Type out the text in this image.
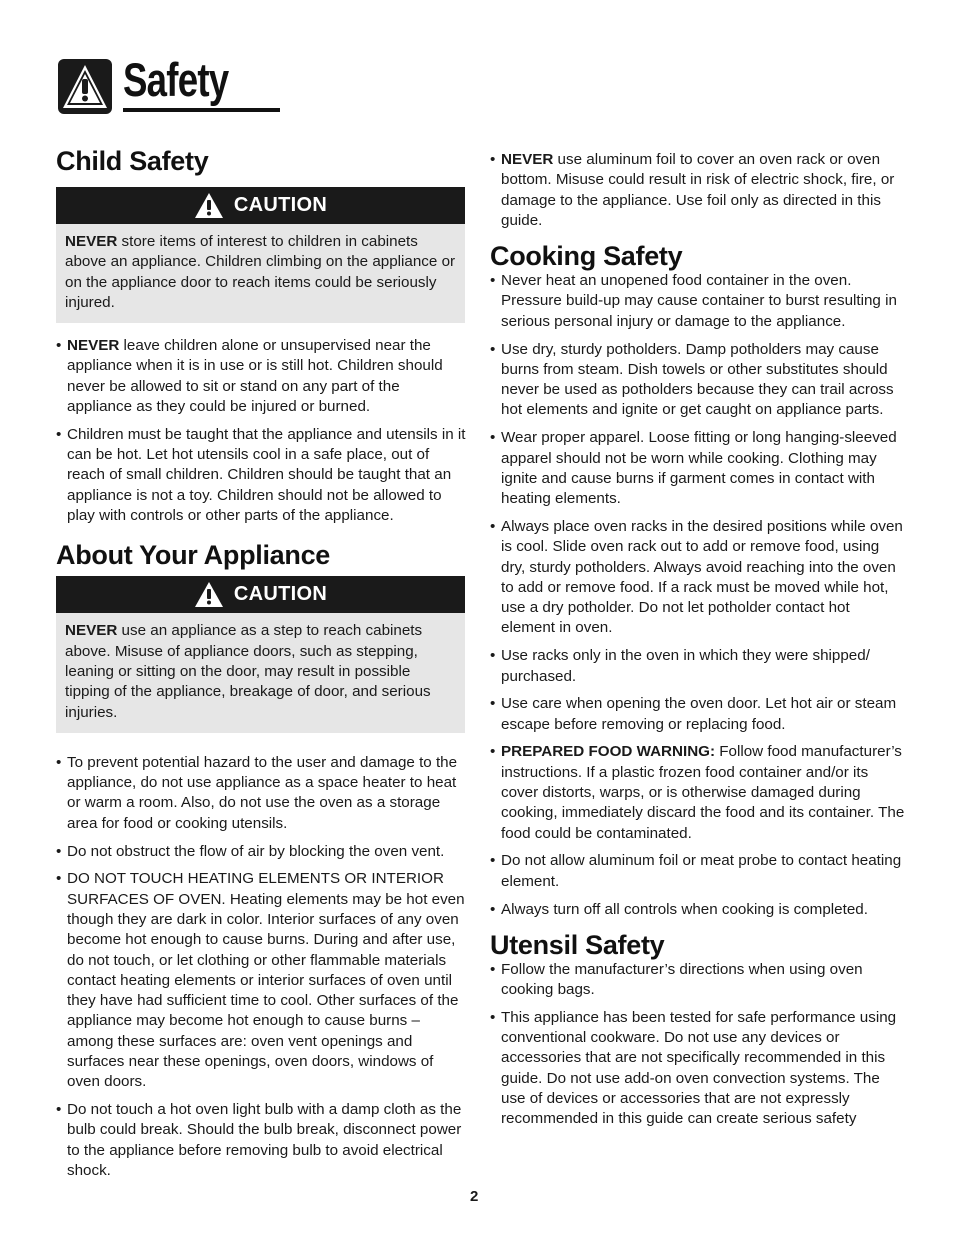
Safety
Child Safety
CAUTION
NEVER store items of interest to children in cabinets above an appliance. Children climbing on the appliance or on the appliance door to reach items could be seriously injured.
• NEVER leave children alone or unsupervised near the appliance when it is in use or is still hot. Children should never be allowed to sit or stand on any part of the appliance as they could be injured or burned.
• Children must be taught that the appliance and utensils in it can be hot. Let hot utensils cool in a safe place, out of reach of small children. Children should be taught that an appliance is not a toy. Children should not be allowed to play with controls or other parts of the appliance.
About Your Appliance
CAUTION
NEVER use an appliance as a step to reach cabinets above. Misuse of appliance doors, such as stepping, leaning or sitting on the door, may result in possible tipping of the appliance, breakage of door, and serious injuries.
• To prevent potential hazard to the user and damage to the appliance, do not use appliance as a space heater to heat or warm a room. Also, do not use the oven as a storage area for food or cooking utensils.
• Do not obstruct the flow of air by blocking the oven vent.
• DO NOT TOUCH HEATING ELEMENTS OR INTERIOR SURFACES OF OVEN. Heating elements may be hot even though they are dark in color. Interior surfaces of any oven become hot enough to cause burns. During and after use, do not touch, or let clothing or other flammable materials contact heating elements or interior surfaces of oven until they have had sufficient time to cool. Other surfaces of the appliance may become hot enough to cause burns – among these surfaces are: oven vent openings and surfaces near these openings, oven doors, windows of oven doors.
• Do not touch a hot oven light bulb with a damp cloth as the bulb could break. Should the bulb break, disconnect power to the appliance before removing bulb to avoid electrical shock.
• NEVER use aluminum foil to cover an oven rack or oven bottom. Misuse could result in risk of electric shock, fire, or damage to the appliance. Use foil only as directed in this guide.
Cooking Safety
• Never heat an unopened food container in the oven. Pressure build-up may cause container to burst resulting in serious personal injury or damage to the appliance.
• Use dry, sturdy potholders. Damp potholders may cause burns from steam. Dish towels or other substitutes should never be used as potholders because they can trail across hot elements and ignite or get caught on appliance parts.
• Wear proper apparel. Loose fitting or long hanging-sleeved apparel should not be worn while cooking. Clothing may ignite and cause burns if garment comes in contact with heating elements.
• Always place oven racks in the desired positions while oven is cool. Slide oven rack out to add or remove food, using dry, sturdy potholders. Always avoid reaching into the oven to add or remove food. If a rack must be moved while hot, use a dry potholder. Do not let potholder contact hot element in oven.
• Use racks only in the oven in which they were shipped/ purchased.
• Use care when opening the oven door. Let hot air or steam escape before removing or replacing food.
• PREPARED FOOD WARNING: Follow food manufacturer’s instructions. If a plastic frozen food container and/or its cover distorts, warps, or is otherwise damaged during cooking, immediately discard the food and its container. The food could be contaminated.
• Do not allow aluminum foil or meat probe to contact heating element.
• Always turn off all controls when cooking is completed.
Utensil Safety
• Follow the manufacturer’s directions when using oven cooking bags.
• This appliance has been tested for safe performance using conventional cookware. Do not use any devices or accessories that are not specifically recommended in this guide. Do not use add-on oven convection systems. The use of devices or accessories that are not expressly recommended in this guide can create serious safety
2
